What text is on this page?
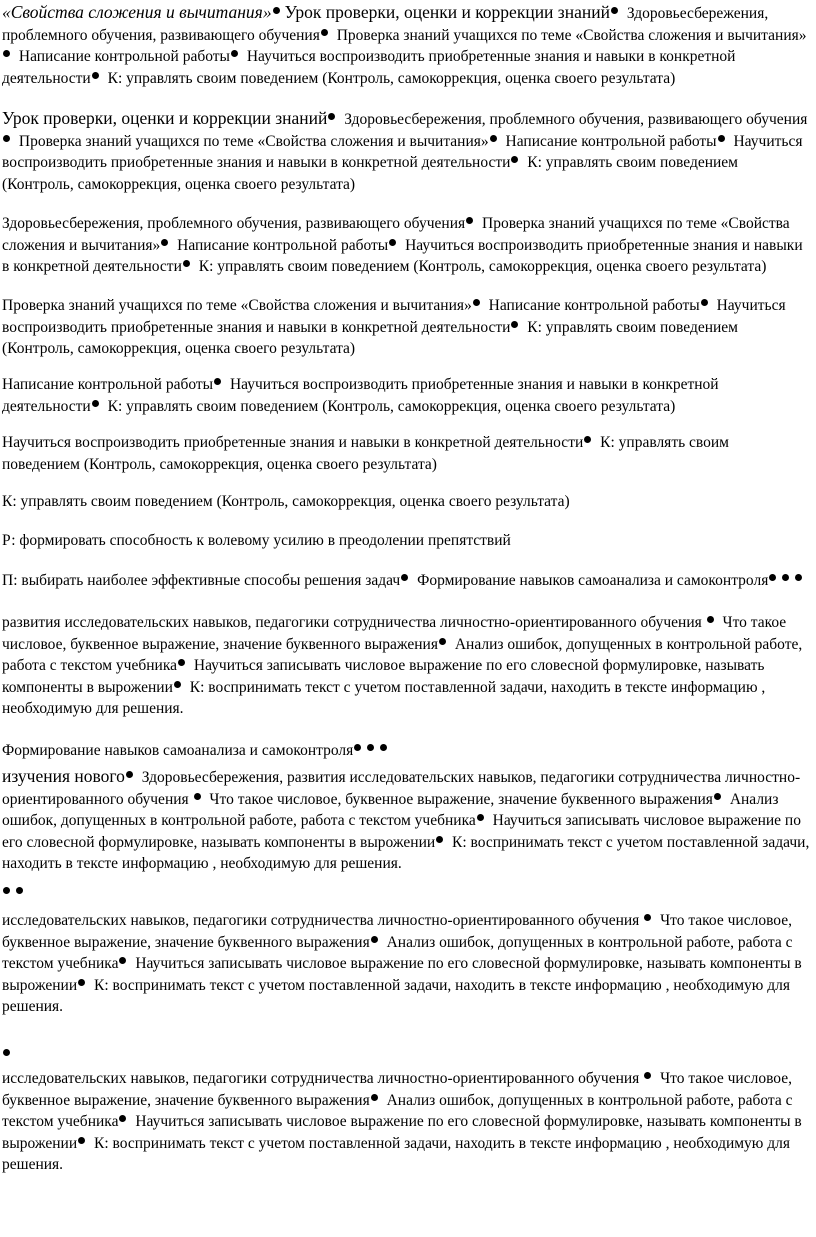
«Свойства сложения и вычитания» Урок проверки, оценки и коррекции знаний Здоровьесбережения, проблемного обучения, развивающего обучения Проверка знаний учащихся по теме «Свойства сложения и вычитания» Написание контрольной работы Научиться воспроизводить приобретенные знания и навыки в конкретной деятельности К: управлять своим поведением (Контроль, самокоррекция, оценка своего результата)
Урок проверки, оценки и коррекции знаний Здоровьесбережения, проблемного обучения, развивающего обучения Проверка знаний учащихся по теме «Свойства сложения и вычитания» Написание контрольной работы Научиться воспроизводить приобретенные знания и навыки в конкретной деятельности К: управлять своим поведением (Контроль, самокоррекция, оценка своего результата)
Здоровьесбережения, проблемного обучения, развивающего обучения Проверка знаний учащихся по теме «Свойства сложения и вычитания» Написание контрольной работы Научиться воспроизводить приобретенные знания и навыки в конкретной деятельности К: управлять своим поведением (Контроль, самокоррекция, оценка своего результата)
Проверка знаний учащихся по теме «Свойства сложения и вычитания» Написание контрольной работы Научиться воспроизводить приобретенные знания и навыки в конкретной деятельности К: управлять своим поведением (Контроль, самокоррекция, оценка своего результата)
Написание контрольной работы Научиться воспроизводить приобретенные знания и навыки в конкретной деятельности К: управлять своим поведением (Контроль, самокоррекция, оценка своего результата)
Научиться воспроизводить приобретенные знания и навыки в конкретной деятельности К: управлять своим поведением (Контроль, самокоррекция, оценка своего результата)
К: управлять своим поведением (Контроль, самокоррекция, оценка своего результата)
Р: формировать способность к волевому усилию в преодолении препятствий
П: выбирать наиболее эффективные способы решения задач Формирование навыков самоанализа и самоконтроля
развития исследовательских навыков, педагогики сотрудничества личностно-ориентированного обучения  Что такое числовое, буквенное выражение, значение буквенного выражения Анализ ошибок, допущенных в контрольной работе, работа с текстом учебника Научиться записывать числовое выражение по его словесной формулировке, называть компоненты в вырожении К: воспринимать текст с учетом поставленной задачи, находить в тексте информацию , необходимую для решения.
Формирование навыков самоанализа и самоконтроля
изучения нового Здоровьесбережения, развития исследовательских навыков, педагогики сотрудничества личностно-ориентированного обучения  Что такое числовое, буквенное выражение, значение буквенного выражения Анализ ошибок, допущенных в контрольной работе, работа с текстом учебника Научиться записывать числовое выражение по его словесной формулировке, называть компоненты в вырожении К: воспринимать текст с учетом поставленной задачи, находить в тексте информацию , необходимую для решения.
исследовательских навыков, педагогики сотрудничества личностно-ориентированного обучения  Что такое числовое, буквенное выражение, значение буквенного выражения Анализ ошибок, допущенных в контрольной работе, работа с текстом учебника Научиться записывать числовое выражение по его словесной формулировке, называть компоненты в вырожении К: воспринимать текст с учетом поставленной задачи, находить в тексте информацию , необходимую для решения.
исследовательских навыков, педагогики сотрудничества личностно-ориентированного обучения  Что такое числовое, буквенное выражение, значение буквенного выражения Анализ ошибок, допущенных в контрольной работе, работа с текстом учебника Научиться записывать числовое выражение по его словесной формулировке, называть компоненты в вырожении К: воспринимать текст с учетом поставленной задачи, находить в тексте информацию , необходимую для решения.
